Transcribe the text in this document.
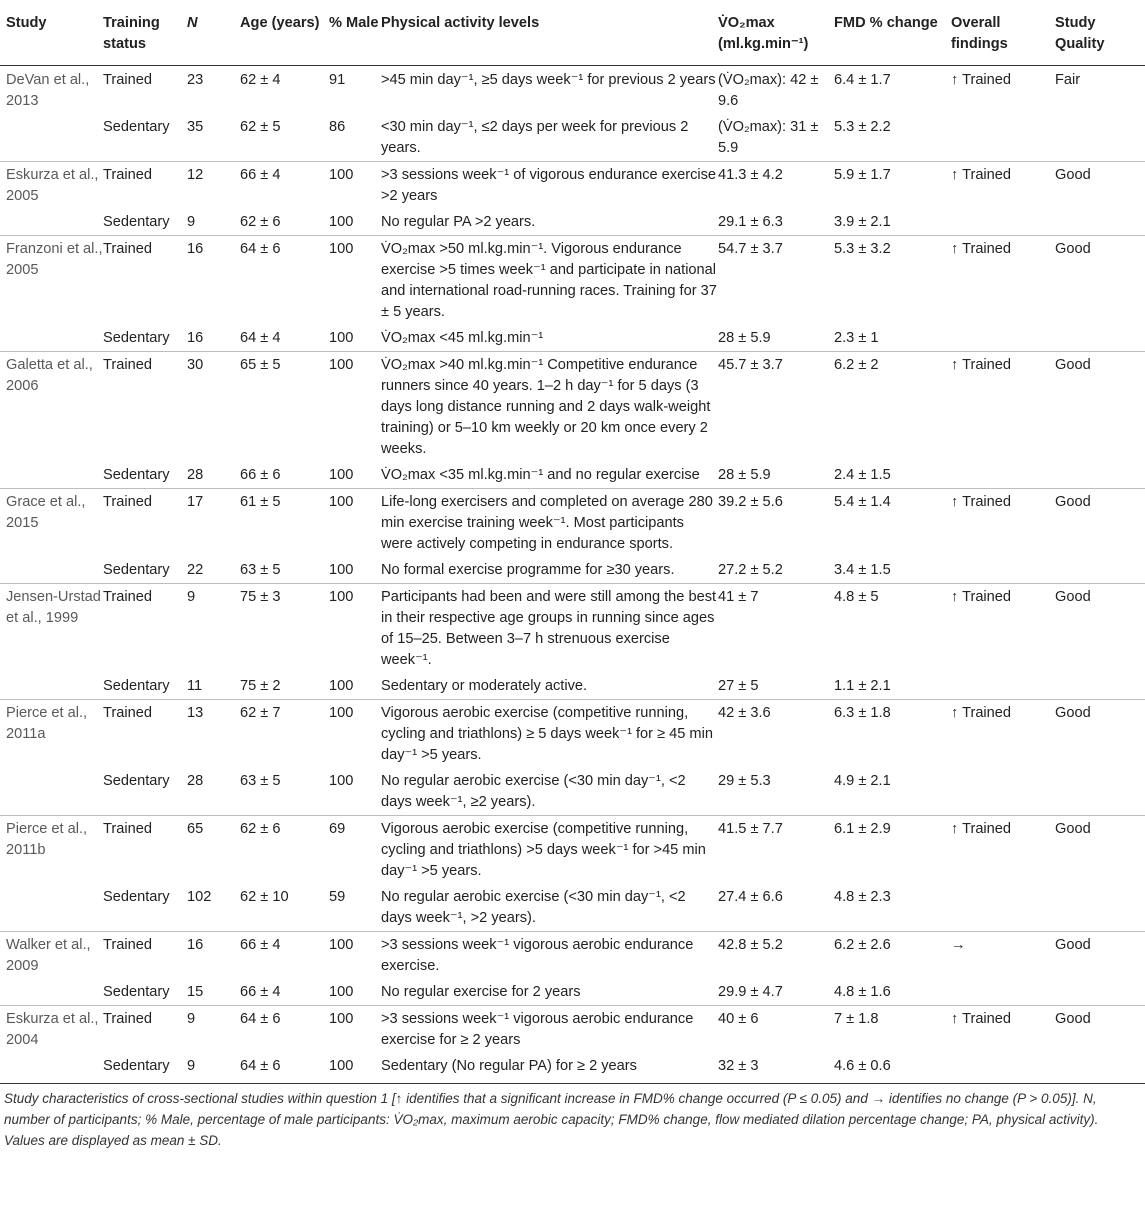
Study	Training status	N	Age (years)	% Male	Physical activity levels	V̇O₂max (ml.kg.min⁻¹)	FMD % change	Overall findings	Study Quality
DeVan et al., 2013	Trained	23	62 ± 4	91	>45 min day⁻¹, ≥5 days week⁻¹ for previous 2 years	(V̇O₂max): 42 ± 9.6	6.4 ± 1.7	↑ Trained	Fair
	Sedentary	35	62 ± 5	86	<30 min day⁻¹, ≤2 days per week for previous 2 years.	(V̇O₂max): 31 ± 5.9	5.3 ± 2.2		
Eskurza et al., 2005	Trained	12	66 ± 4	100	>3 sessions week⁻¹ of vigorous endurance exercise >2 years	41.3 ± 4.2	5.9 ± 1.7	↑ Trained	Good
	Sedentary	9	62 ± 6	100	No regular PA >2 years.	29.1 ± 6.3	3.9 ± 2.1		
Franzoni et al., 2005	Trained	16	64 ± 6	100	V̇O₂max >50 ml.kg.min⁻¹. Vigorous endurance exercise >5 times week⁻¹ and participate in national and international road-running races. Training for 37 ± 5 years.	54.7 ± 3.7	5.3 ± 3.2	↑ Trained	Good
	Sedentary	16	64 ± 4	100	V̇O₂max <45 ml.kg.min⁻¹	28 ± 5.9	2.3 ± 1		
Galetta et al., 2006	Trained	30	65 ± 5	100	V̇O₂max >40 ml.kg.min⁻¹ Competitive endurance runners since 40 years. 1–2 h day⁻¹ for 5 days (3 days long distance running and 2 days walk-weight training) or 5–10 km weekly or 20 km once every 2 weeks.	45.7 ± 3.7	6.2 ± 2	↑ Trained	Good
	Sedentary	28	66 ± 6	100	V̇O₂max <35 ml.kg.min⁻¹ and no regular exercise	28 ± 5.9	2.4 ± 1.5		
Grace et al., 2015	Trained	17	61 ± 5	100	Life-long exercisers and completed on average 280 min exercise training week⁻¹. Most participants were actively competing in endurance sports.	39.2 ± 5.6	5.4 ± 1.4	↑ Trained	Good
	Sedentary	22	63 ± 5	100	No formal exercise programme for ≥30 years.	27.2 ± 5.2	3.4 ± 1.5		
Jensen-Urstad et al., 1999	Trained	9	75 ± 3	100	Participants had been and were still among the best in their respective age groups in running since ages of 15–25. Between 3–7 h strenuous exercise week⁻¹.	41 ± 7	4.8 ± 5	↑ Trained	Good
	Sedentary	11	75 ± 2	100	Sedentary or moderately active.	27 ± 5	1.1 ± 2.1		
Pierce et al., 2011a	Trained	13	62 ± 7	100	Vigorous aerobic exercise (competitive running, cycling and triathlons) ≥ 5 days week⁻¹ for ≥ 45 min day⁻¹ >5 years.	42 ± 3.6	6.3 ± 1.8	↑ Trained	Good
	Sedentary	28	63 ± 5	100	No regular aerobic exercise (<30 min day⁻¹, <2 days week⁻¹, ≥2 years).	29 ± 5.3	4.9 ± 2.1		
Pierce et al., 2011b	Trained	65	62 ± 6	69	Vigorous aerobic exercise (competitive running, cycling and triathlons) >5 days week⁻¹ for >45 min day⁻¹ >5 years.	41.5 ± 7.7	6.1 ± 2.9	↑ Trained	Good
	Sedentary	102	62 ± 10	59	No regular aerobic exercise (<30 min day⁻¹, <2 days week⁻¹, >2 years).	27.4 ± 6.6	4.8 ± 2.3		
Walker et al., 2009	Trained	16	66 ± 4	100	>3 sessions week⁻¹ vigorous aerobic endurance exercise.	42.8 ± 5.2	6.2 ± 2.6	→	Good
	Sedentary	15	66 ± 4	100	No regular exercise for 2 years	29.9 ± 4.7	4.8 ± 1.6		
Eskurza et al., 2004	Trained	9	64 ± 6	100	>3 sessions week⁻¹ vigorous aerobic endurance exercise for ≥ 2 years	40 ± 6	7 ± 1.8	↑ Trained	Good
	Sedentary	9	64 ± 6	100	Sedentary (No regular PA) for ≥ 2 years	32 ± 3	4.6 ± 0.6		
Study characteristics of cross-sectional studies within question 1 [↑ identifies that a significant increase in FMD% change occurred (P ≤ 0.05) and → identifies no change (P > 0.05)]. N, number of participants; % Male, percentage of male participants: V̇O₂max, maximum aerobic capacity; FMD% change, flow mediated dilation percentage change; PA, physical activity). Values are displayed as mean ± SD.
